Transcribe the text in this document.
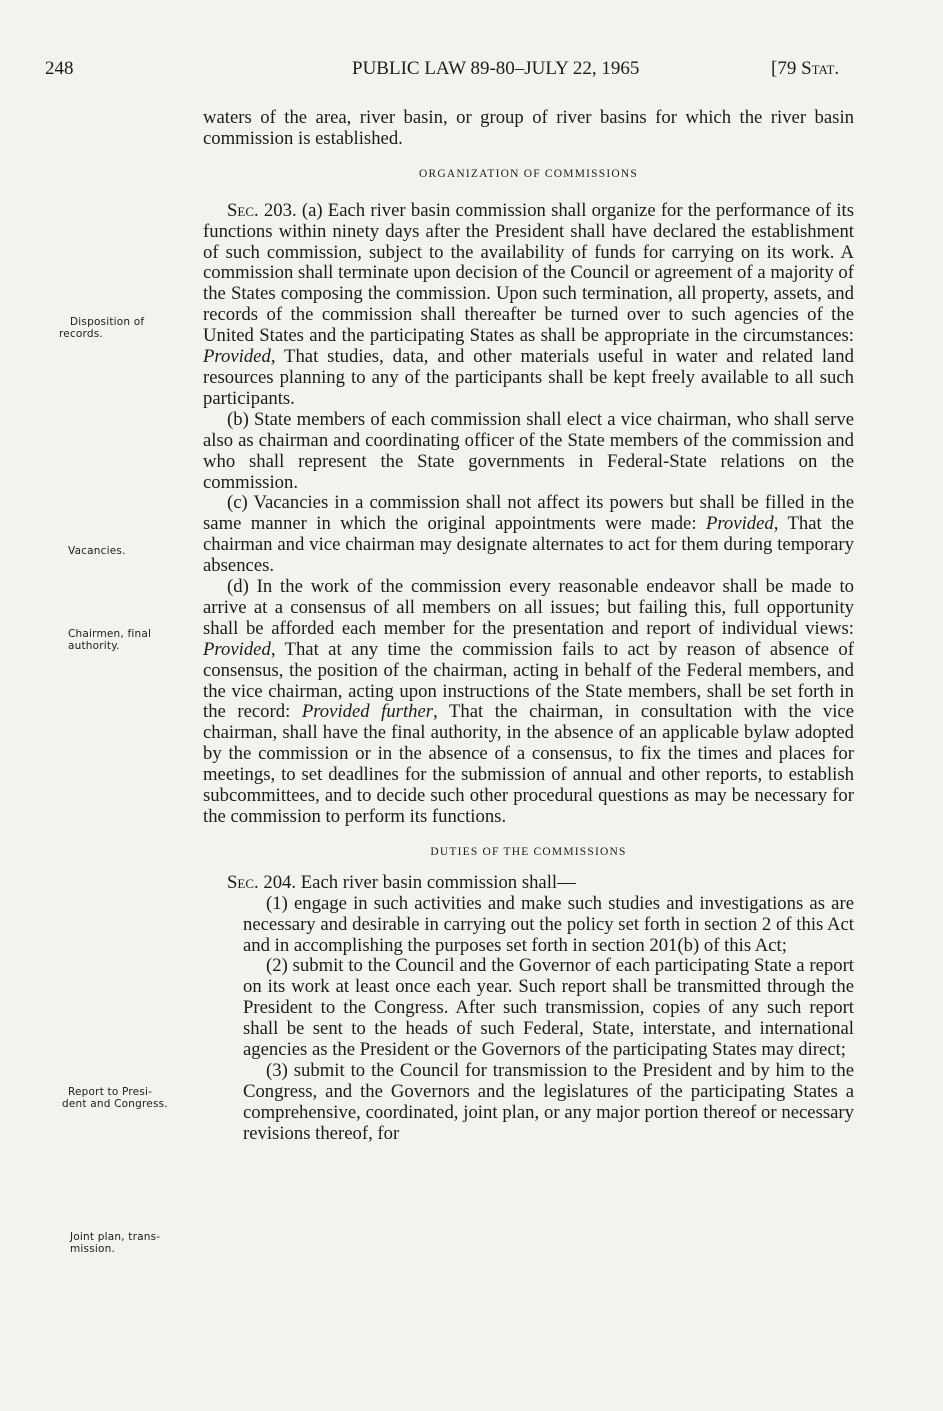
248	PUBLIC LAW 89-80–JULY 22, 1965	[79 Stat.
Disposition of
records.
Vacancies.
Chairmen, final
authority.
Report to Presi-
dent and Congress.
Joint plan, trans-
mission.

waters of the area, river basin, or group of river basins for which the river basin commission is established.

ORGANIZATION OF COMMISSIONS

Sec. 203. (a) Each river basin commission shall organize for the performance of its functions within ninety days after the President shall have declared the establishment of such commission, subject to the availability of funds for carrying on its work. A commission shall terminate upon decision of the Council or agreement of a majority of the States composing the commission. Upon such termination, all property, assets, and records of the commission shall thereafter be turned over to such agencies of the United States and the participating States as shall be appropriate in the circumstances: Provided, That studies, data, and other materials useful in water and related land resources planning to any of the participants shall be kept freely available to all such participants.

(b) State members of each commission shall elect a vice chairman, who shall serve also as chairman and coordinating officer of the State members of the commission and who shall represent the State governments in Federal-State relations on the commission.

(c) Vacancies in a commission shall not affect its powers but shall be filled in the same manner in which the original appointments were made: Provided, That the chairman and vice chairman may designate alternates to act for them during temporary absences.

(d) In the work of the commission every reasonable endeavor shall be made to arrive at a consensus of all members on all issues; but failing this, full opportunity shall be afforded each member for the presentation and report of individual views: Provided, That at any time the commission fails to act by reason of absence of consensus, the position of the chairman, acting in behalf of the Federal members, and the vice chairman, acting upon instructions of the State members, shall be set forth in the record: Provided further, That the chairman, in consultation with the vice chairman, shall have the final authority, in the absence of an applicable bylaw adopted by the commission or in the absence of a consensus, to fix the times and places for meetings, to set deadlines for the submission of annual and other reports, to establish subcommittees, and to decide such other procedural questions as may be necessary for the commission to perform its functions.

DUTIES OF THE COMMISSIONS

Sec. 204. Each river basin commission shall—

(1) engage in such activities and make such studies and investigations as are necessary and desirable in carrying out the policy set forth in section 2 of this Act and in accomplishing the purposes set forth in section 201(b) of this Act;

(2) submit to the Council and the Governor of each participating State a report on its work at least once each year. Such report shall be transmitted through the President to the Congress. After such transmission, copies of any such report shall be sent to the heads of such Federal, State, interstate, and international agencies as the President or the Governors of the participating States may direct;

(3) submit to the Council for transmission to the President and by him to the Congress, and the Governors and the legislatures of the participating States a comprehensive, coordinated, joint plan, or any major portion thereof or necessary revisions thereof, for
